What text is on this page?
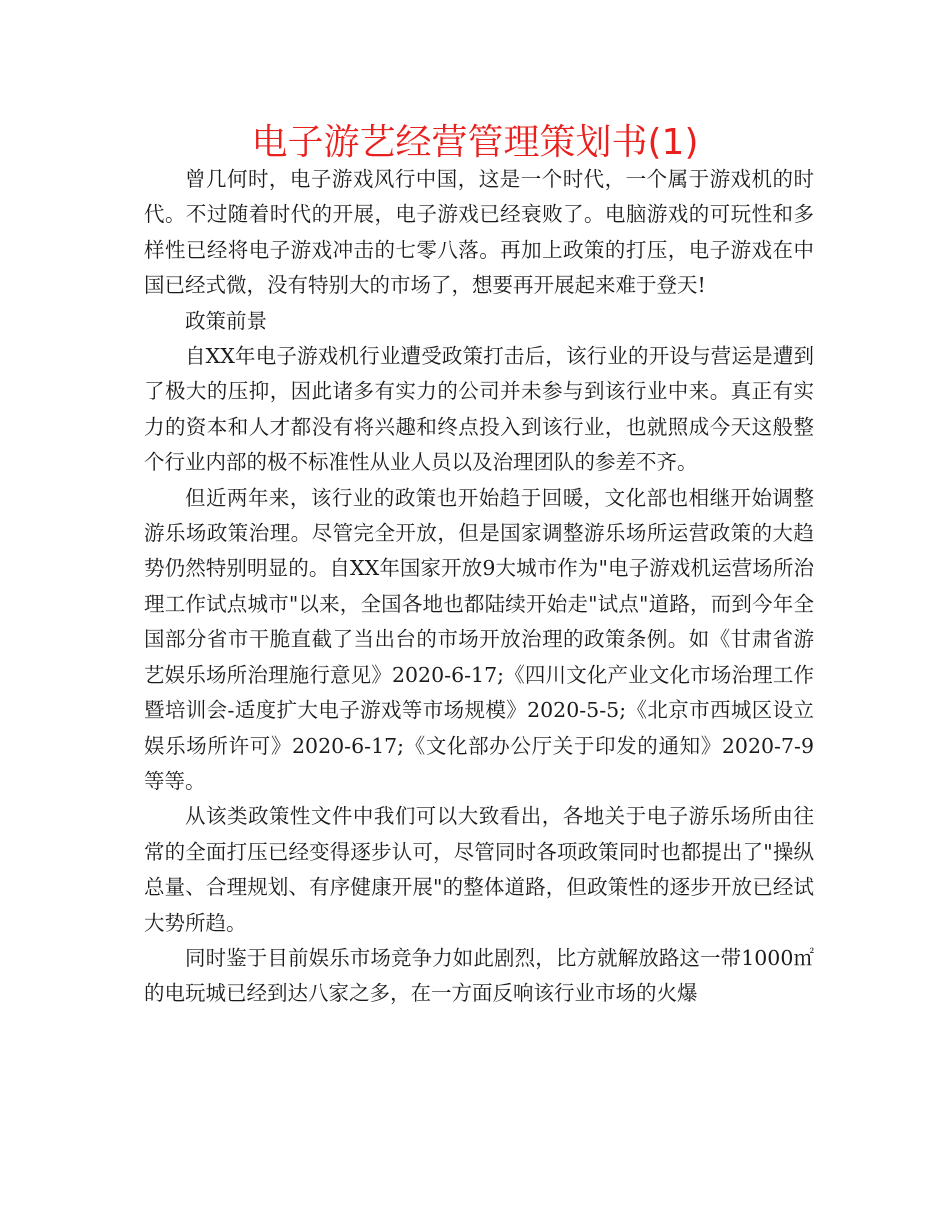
电子游艺经营管理策划书(1)

曾几何时，电子游戏风行中国，这是一个时代，一个属于游戏机的时代。不过随着时代的开展，电子游戏已经衰败了。电脑游戏的可玩性和多样性已经将电子游戏冲击的七零八落。再加上政策的打压，电子游戏在中国已经式微，没有特别大的市场了，想要再开展起来难于登天!

政策前景

自XX年电子游戏机行业遭受政策打击后，该行业的开设与营运是遭到了极大的压抑，因此诸多有实力的公司并未参与到该行业中来。真正有实力的资本和人才都没有将兴趣和终点投入到该行业，也就照成今天这般整个行业内部的极不标准性从业人员以及治理团队的参差不齐。

但近两年来，该行业的政策也开始趋于回暖，文化部也相继开始调整游乐场政策治理。尽管完全开放，但是国家调整游乐场所运营政策的大趋势仍然特别明显的。自XX年国家开放9大城市作为"电子游戏机运营场所治理工作试点城市"以来，全国各地也都陆续开始走"试点"道路，而到今年全国部分省市干脆直截了当出台的市场开放治理的政策条例。如《甘肃省游艺娱乐场所治理施行意见》2020-6-17;《四川文化产业文化市场治理工作暨培训会-适度扩大电子游戏等市场规模》2020-5-5;《北京市西城区设立娱乐场所许可》2020-6-17;《文化部办公厅关于印发的通知》2020-7-9等等。

从该类政策性文件中我们可以大致看出，各地关于电子游乐场所由往常的全面打压已经变得逐步认可，尽管同时各项政策同时也都提出了"操纵总量、合理规划、有序健康开展"的整体道路，但政策性的逐步开放已经试大势所趋。

同时鉴于目前娱乐市场竞争力如此剧烈，比方就解放路这一带1000㎡的电玩城已经到达八家之多，在一方面反响该行业市场的火爆
